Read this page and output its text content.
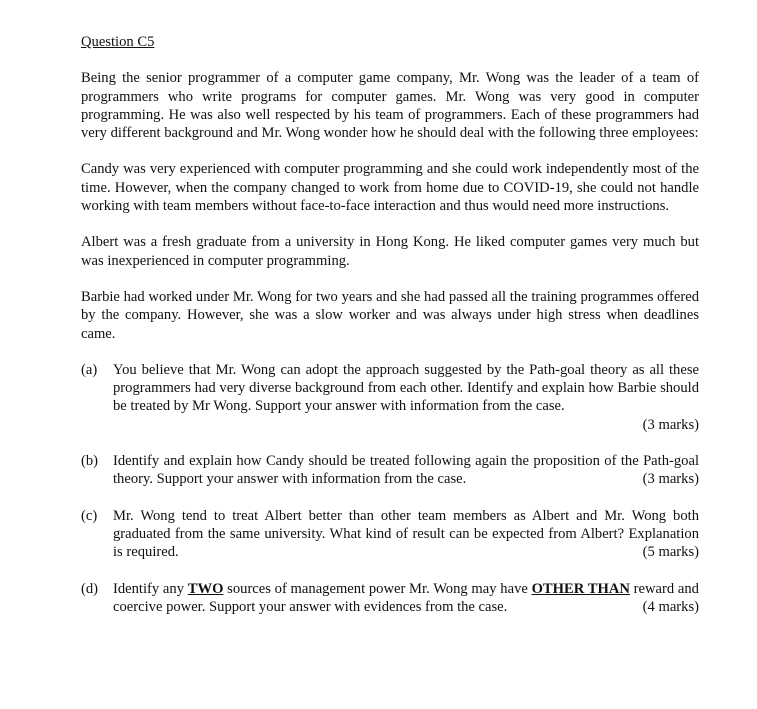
Question C5
Being the senior programmer of a computer game company, Mr. Wong was the leader of a team of programmers who write programs for computer games. Mr. Wong was very good in computer programming. He was also well respected by his team of programmers. Each of these programmers had very different background and Mr. Wong wonder how he should deal with the following three employees:
Candy was very experienced with computer programming and she could work independently most of the time. However, when the company changed to work from home due to COVID-19, she could not handle working with team members without face-to-face interaction and thus would need more instructions.
Albert was a fresh graduate from a university in Hong Kong. He liked computer games very much but was inexperienced in computer programming.
Barbie had worked under Mr. Wong for two years and she had passed all the training programmes offered by the company. However, she was a slow worker and was always under high stress when deadlines came.
(a)	You believe that Mr. Wong can adopt the approach suggested by the Path-goal theory as all these programmers had very diverse background from each other. Identify and explain how Barbie should be treated by Mr Wong. Support your answer with information from the case.
(3 marks)
(b)	Identify and explain how Candy should be treated following again the proposition of the Path-goal theory. Support your answer with information from the case.	(3 marks)
(c)	Mr. Wong tend to treat Albert better than other team members as Albert and Mr. Wong both graduated from the same university. What kind of result can be expected from Albert? Explanation is required.	(5 marks)
(d)	Identify any TWO sources of management power Mr. Wong may have OTHER THAN reward and coercive power. Support your answer with evidences from the case.	(4 marks)
